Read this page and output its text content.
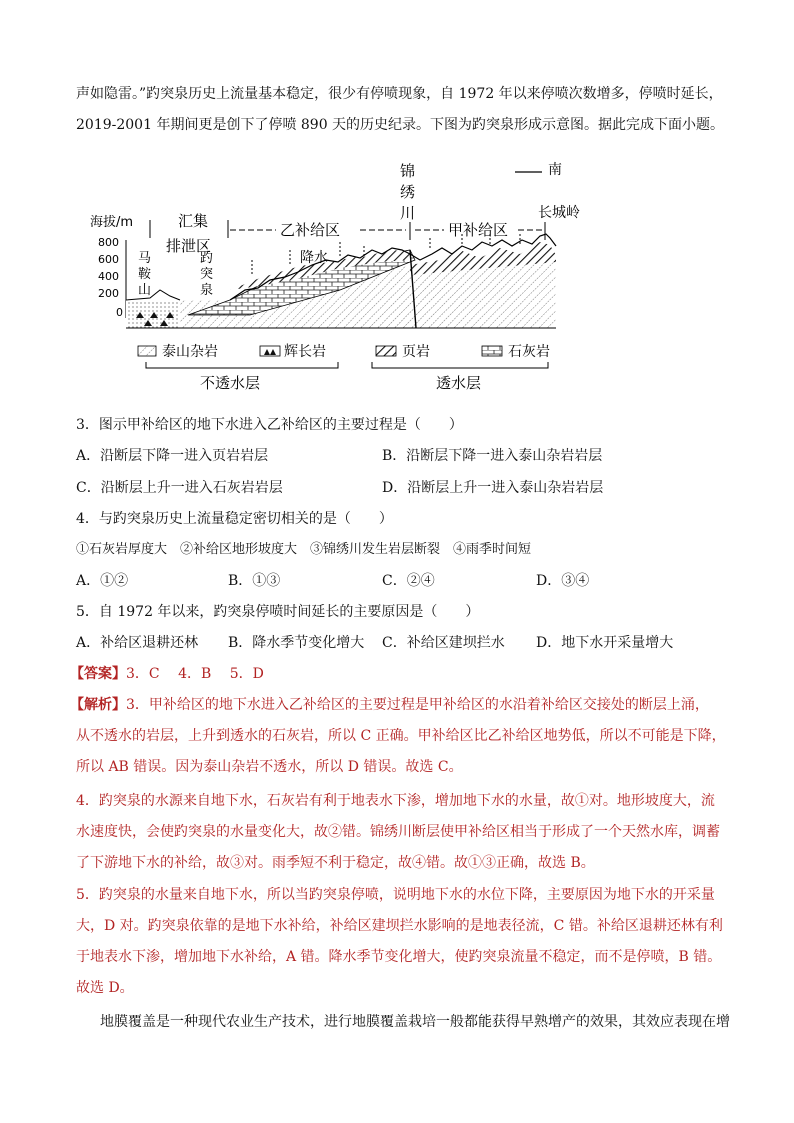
声如隐雷。”趵突泉历史上流量基本稳定，很少有停喷现象，自 1972 年以来停喷次数增多，停喷时延长，
2019-2001 年期间更是创下了停喷 890 天的历史纪录。下图为趵突泉形成示意图。据此完成下面小题。
南
锦
绣
川
海拔/m	汇集
排泄区
乙补给区	甲补给区
长城岭
800
600
400
200
0
降水
马
鞍
山
趵
突
泉
泰山杂岩	辉长岩	页岩	石灰岩
不透水层	透水层
3．图示甲补给区的地下水进入乙补给区的主要过程是（　　）
A．沿断层下降一进入页岩岩层	B．沿断层下降一进入泰山杂岩岩层
C．沿断层上升一进入石灰岩岩层	D．沿断层上升一进入泰山杂岩岩层
4．与趵突泉历史上流量稳定密切相关的是（　　）
①石灰岩厚度大　②补给区地形坡度大　③锦绣川发生岩层断裂　④雨季时间短
A．①②	B．①③	C．②④	D．③④
5．自 1972 年以来，趵突泉停喷时间延长的主要原因是（　　）
A．补给区退耕还林 B．降水季节变化增大 C．补给区建坝拦水 D．地下水开采量增大
【答案】3．C　 4．B　 5．D
【解析】3．甲补给区的地下水进入乙补给区的主要过程是甲补给区的水沿着补给区交接处的断层上涌，
从不透水的岩层，上升到透水的石灰岩，所以 C 正确。甲补给区比乙补给区地势低，所以不可能是下降，
所以 AB 错误。因为泰山杂岩不透水，所以 D 错误。故选 C。
4．趵突泉的水源来自地下水，石灰岩有利于地表水下渗，增加地下水的水量，故①对。地形坡度大，流
水速度快，会使趵突泉的水量变化大，故②错。锦绣川断层使甲补给区相当于形成了一个天然水库，调蓄
了下游地下水的补给，故③对。雨季短不利于稳定，故④错。故①③正确，故选 B。
5．趵突泉的水量来自地下水，所以当趵突泉停喷，说明地下水的水位下降，主要原因为地下水的开采量
大，D 对。趵突泉依靠的是地下水补给，补给区建坝拦水影响的是地表径流，C 错。补给区退耕还林有利
于地表水下渗，增加地下水补给，A 错。降水季节变化增大，使趵突泉流量不稳定，而不是停喷，B 错。
故选 D。
地膜覆盖是一种现代农业生产技术，进行地膜覆盖栽培一般都能获得早熟增产的效果，其效应表现在增
